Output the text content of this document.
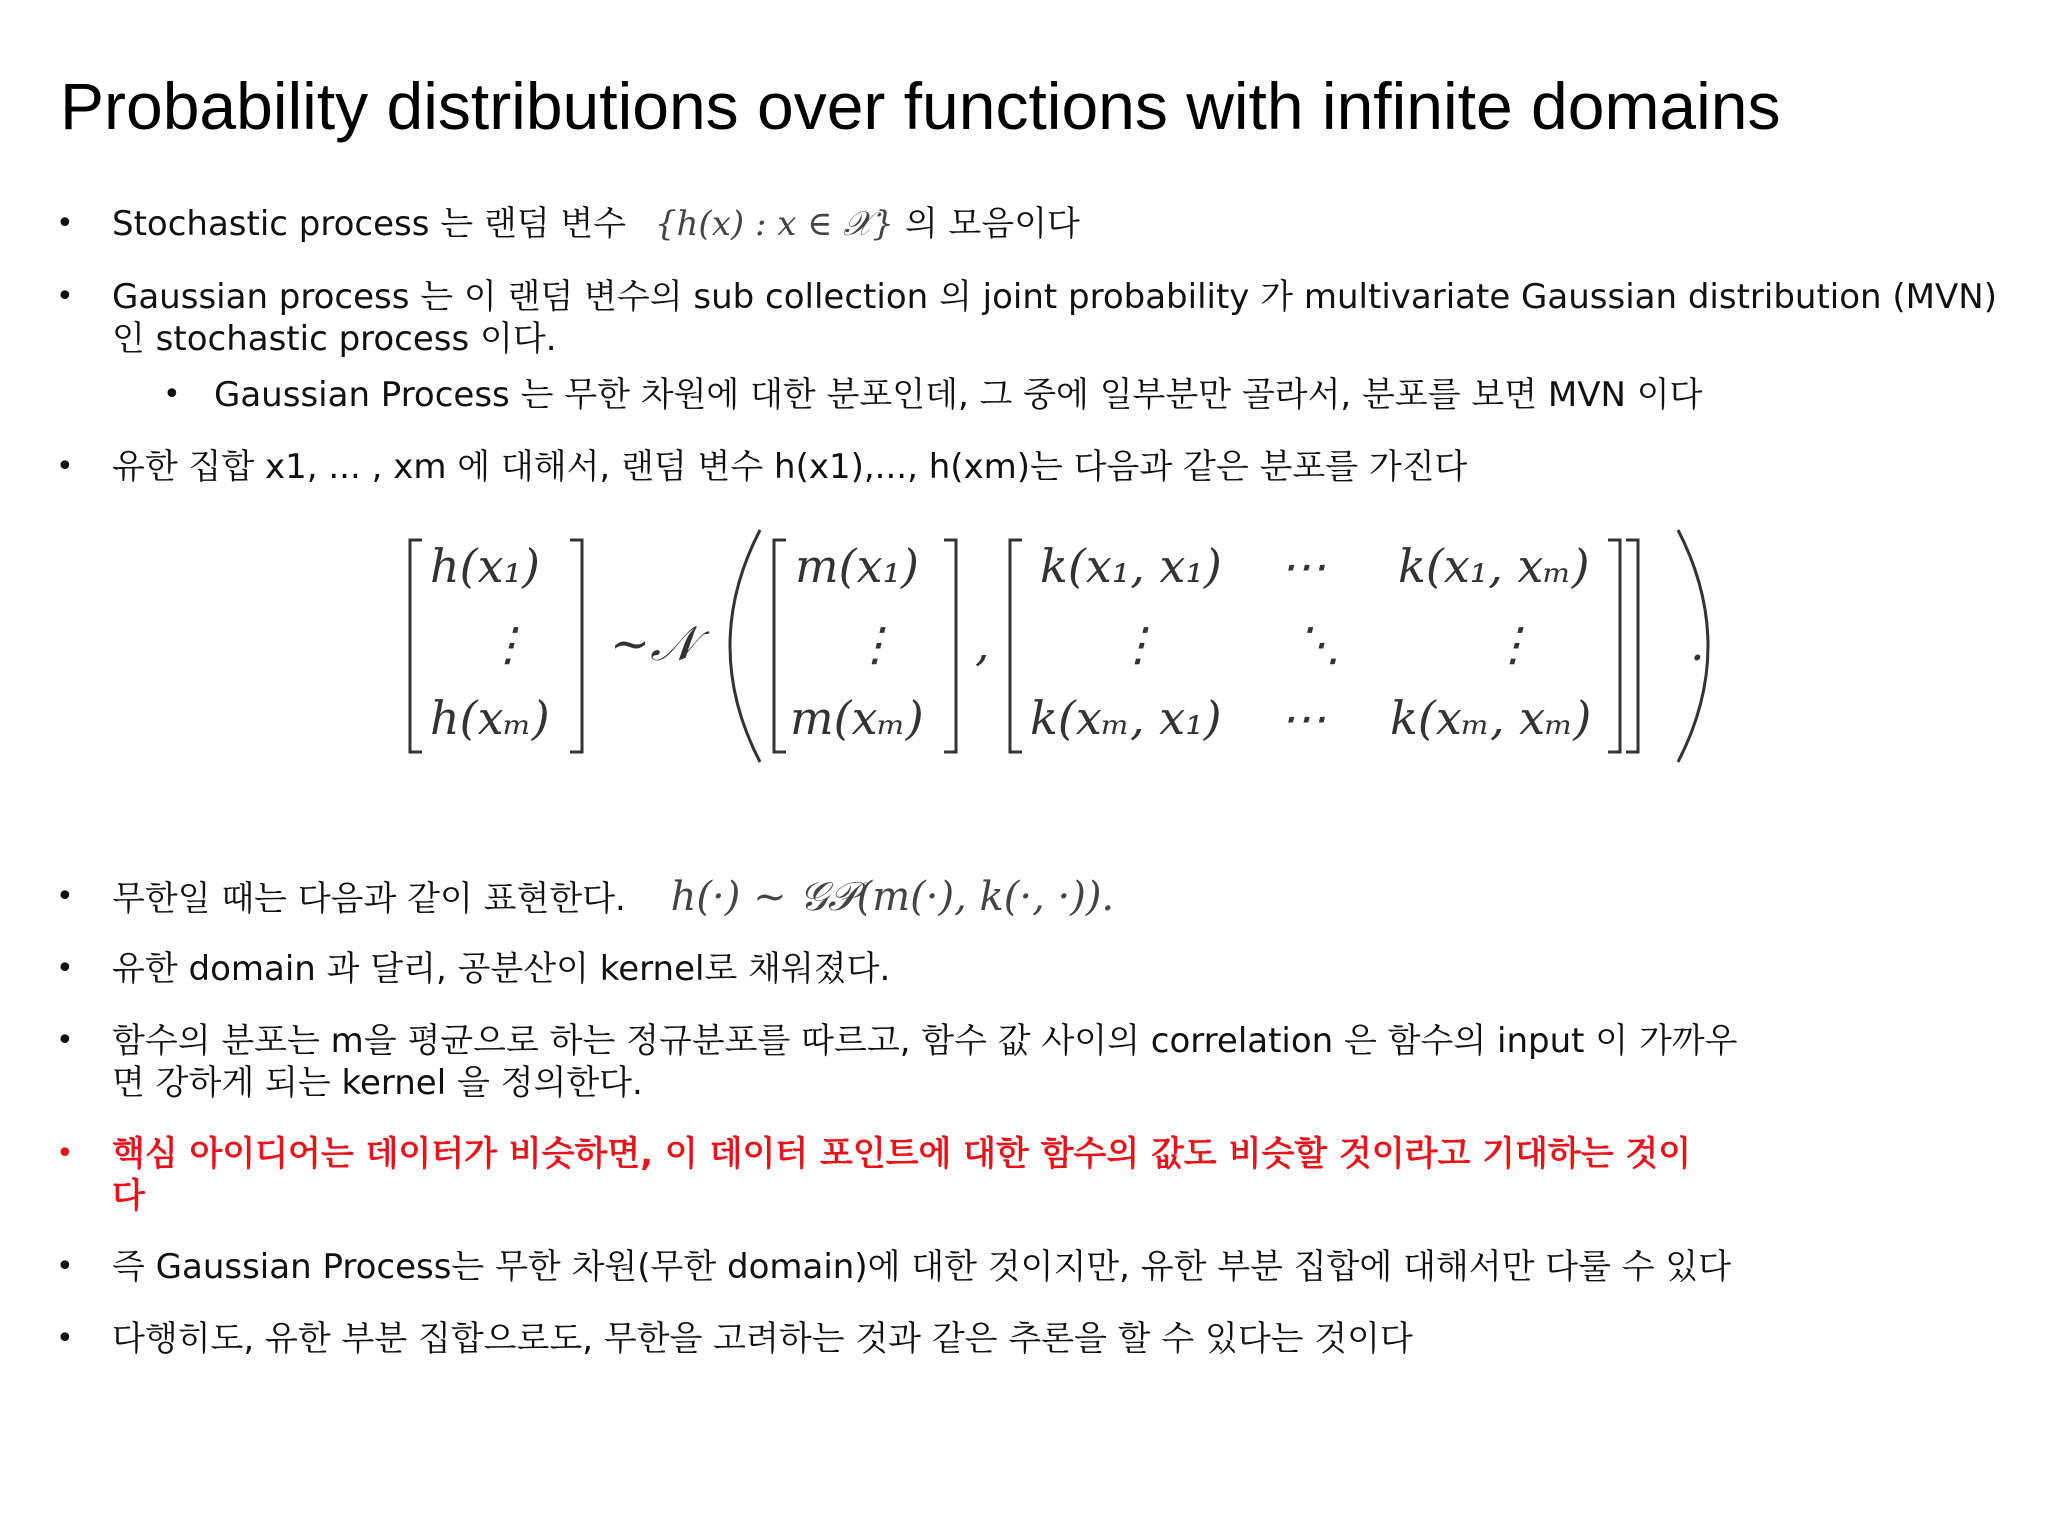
Probability distributions over functions with infinite domains
• Stochastic process 는 랜덤 변수 {h(x) : x ∈ 𝒳} 의 모음이다
• Gaussian process 는 이 랜덤 변수의 sub collection 의 joint probability 가 multivariate Gaussian distribution (MVN)
인 stochastic process 이다.
• Gaussian Process 는 무한 차원에 대한 분포인데, 그 중에 일부분만 골라서, 분포를 보면 MVN 이다
• 유한 집합 x1, ... , xm 에 대해서, 랜덤 변수 h(x1),..., h(xm)는 다음과 같은 분포를 가진다
h(x₁)
⋮
h(xₘ)
~𝒩
m(x₁)
⋮
m(xₘ)
,
k(x₁, x₁) ⋯ k(x₁, xₘ)
⋮	⋱	⋮
k(xₘ, x₁) ⋯ k(xₘ, xₘ)
.
• 무한일 때는 다음과 같이 표현한다. h(·) ~ 𝒢𝒫(m(·), k(·, ·)).
• 유한 domain 과 달리, 공분산이 kernel로 채워졌다.
• 함수의 분포는 m을 평균으로 하는 정규분포를 따르고, 함수 값 사이의 correlation 은 함수의 input 이 가까우
면 강하게 되는 kernel 을 정의한다.
• 핵심 아이디어는 데이터가 비슷하면, 이 데이터 포인트에 대한 함수의 값도 비슷할 것이라고 기대하는 것이
다
• 즉 Gaussian Process는 무한 차원(무한 domain)에 대한 것이지만, 유한 부분 집합에 대해서만 다룰 수 있다
• 다행히도, 유한 부분 집합으로도, 무한을 고려하는 것과 같은 추론을 할 수 있다는 것이다
